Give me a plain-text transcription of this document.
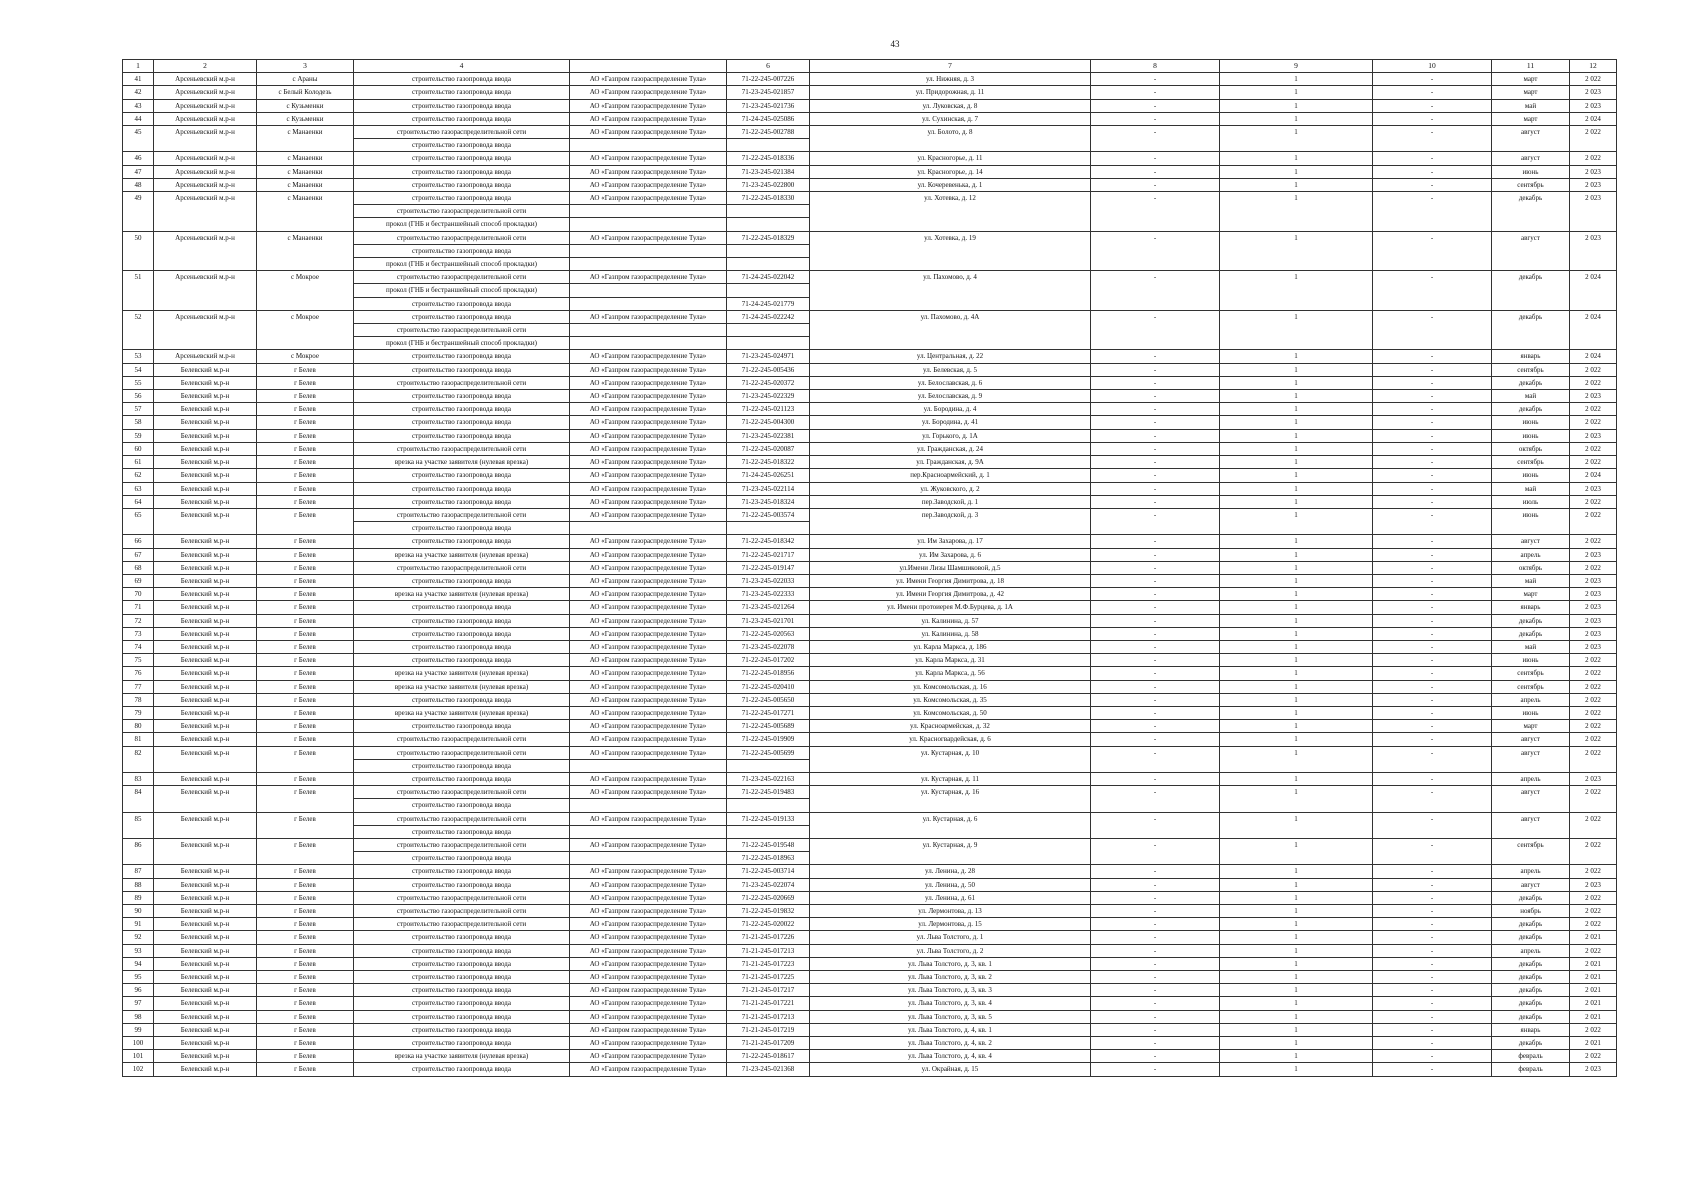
43
1	2	3	4		6	7	8	9	10	11	12
41	Арсеньевский м.р-н	с Араны	строительство газопровода ввода	АО «Газпром газораспределение Тула»	71-22-245-007226	ул. Нижняя, д. 3	-	1	-	март	2 022
42	Арсеньевский м.р-н	с Белый Колодезь	строительство газопровода ввода	АО «Газпром газораспределение Тула»	71-23-245-021857	ул. Придорожная, д. 11	-	1	-	март	2 023
43	Арсеньевский м.р-н	с Кузьменки	строительство газопровода ввода	АО «Газпром газораспределение Тула»	71-23-245-021736	ул. Луковская, д. 8	-	1	-	май	2 023
44	Арсеньевский м.р-н	с Кузьменки	строительство газопровода ввода	АО «Газпром газораспределение Тула»	71-24-245-025086	ул. Сухинская, д. 7	-	1	-	март	2 024
45	Арсеньевский м.р-н	с Манаенки	строительство газораспределительной сети	АО «Газпром газораспределение Тула»	71-22-245-002788	ул. Болото, д. 8	-	1	-	август	2 022
			строительство газопровода ввода								
46	Арсеньевский м.р-н	с Манаенки	строительство газопровода ввода	АО «Газпром газораспределение Тула»	71-22-245-018336	ул. Красногорье, д. 11	-	1	-	август	2 022
47	Арсеньевский м.р-н	с Манаенки	строительство газопровода ввода	АО «Газпром газораспределение Тула»	71-23-245-021384	ул. Красногорье, д. 14	-	1	-	июнь	2 023
48	Арсеньевский м.р-н	с Манаенки	строительство газопровода ввода	АО «Газпром газораспределение Тула»	71-23-245-022800	ул. Кочеревенька, д. 1	-	1	-	сентябрь	2 023
49	Арсеньевский м.р-н	с Манаенки	строительство газопровода ввода	АО «Газпром газораспределение Тула»	71-22-245-018330	ул. Хотевка, д. 12	-	1	-	декабрь	2 023
			строительство газораспределительной сети								
			прокол (ГНБ и бестраншейный способ прокладки)								
50	Арсеньевский м.р-н	с Манаенки	строительство газораспределительной сети	АО «Газпром газораспределение Тула»	71-22-245-018329	ул. Хотевка, д. 19	-	1	-	август	2 023
			строительство газопровода ввода								
			прокол (ГНБ и бестраншейный способ прокладки)								
51	Арсеньевский м.р-н	с Мокрое	строительство газораспределительной сети	АО «Газпром газораспределение Тула»	71-24-245-022042	ул. Пахомово, д. 4	-	1	-	декабрь	2 024
			прокол (ГНБ и бестраншейный способ прокладки)								
			строительство газопровода ввода		71-24-245-021779						
52	Арсеньевский м.р-н	с Мокрое	строительство газопровода ввода	АО «Газпром газораспределение Тула»	71-24-245-022242	ул. Пахомово, д. 4А	-	1	-	декабрь	2 024
			строительство газораспределительной сети								
			прокол (ГНБ и бестраншейный способ прокладки)								
53	Арсеньевский м.р-н	с Мокрое	строительство газопровода ввода	АО «Газпром газораспределение Тула»	71-23-245-024971	ул. Центральная, д. 22	-	1	-	январь	2 024
54	Белевский м.р-н	г Белев	строительство газопровода ввода	АО «Газпром газораспределение Тула»	71-22-245-005436	ул. Белевская, д. 5	-	1	-	сентябрь	2 022
55	Белевский м.р-н	г Белев	строительство газораспределительной сети	АО «Газпром газораспределение Тула»	71-22-245-020372	ул. Белославская, д. 6	-	1	-	декабрь	2 022
56	Белевский м.р-н	г Белев	строительство газопровода ввода	АО «Газпром газораспределение Тула»	71-23-245-022329	ул. Белославская, д. 9	-	1	-	май	2 023
57	Белевский м.р-н	г Белев	строительство газопровода ввода	АО «Газпром газораспределение Тула»	71-22-245-021123	ул. Бородина, д. 4	-	1	-	декабрь	2 022
58	Белевский м.р-н	г Белев	строительство газопровода ввода	АО «Газпром газораспределение Тула»	71-22-245-004300	ул. Бородина, д. 41	-	1	-	июнь	2 022
59	Белевский м.р-н	г Белев	строительство газопровода ввода	АО «Газпром газораспределение Тула»	71-23-245-022381	ул. Горького, д. 1А	-	1	-	июнь	2 023
60	Белевский м.р-н	г Белев	строительство газораспределительной сети	АО «Газпром газораспределение Тула»	71-22-245-020087	ул. Гражданская, д. 24	-	1	-	октябрь	2 022
61	Белевский м.р-н	г Белев	врезка на участке заявителя (нулевая врезка)	АО «Газпром газораспределение Тула»	71-22-245-018322	ул. Гражданская, д. 9А	-	1	-	сентябрь	2 022
62	Белевский м.р-н	г Белев	строительство газопровода ввода	АО «Газпром газораспределение Тула»	71-24-245-026251	пер.Красноармейский, д. 1	-	1	-	июнь	2 024
63	Белевский м.р-н	г Белев	строительство газопровода ввода	АО «Газпром газораспределение Тула»	71-23-245-022114	ул. Жуковского, д. 2	-	1	-	май	2 023
64	Белевский м.р-н	г Белев	строительство газопровода ввода	АО «Газпром газораспределение Тула»	71-23-245-018324	пер.Заводской, д. 1	-	1	-	июль	2 022
65	Белевский м.р-н	г Белев	строительство газораспределительной сети	АО «Газпром газораспределение Тула»	71-22-245-003574	пер.Заводской, д. 3	-	1	-	июнь	2 022
			строительство газопровода ввода								
66	Белевский м.р-н	г Белев	строительство газопровода ввода	АО «Газпром газораспределение Тула»	71-22-245-018342	ул. Им Захарова, д. 17	-	1	-	август	2 022
67	Белевский м.р-н	г Белев	врезка на участке заявителя (нулевая врезка)	АО «Газпром газораспределение Тула»	71-22-245-021717	ул. Им Захарова, д. 6	-	1	-	апрель	2 023
68	Белевский м.р-н	г Белев	строительство газораспределительной сети	АО «Газпром газораспределение Тула»	71-22-245-019147	ул.Имени Лизы Шамшиковой, д.5	-	1	-	октябрь	2 022
69	Белевский м.р-н	г Белев	строительство газопровода ввода	АО «Газпром газораспределение Тула»	71-23-245-022033	ул. Имени Георгия Димитрова, д. 18	-	1	-	май	2 023
70	Белевский м.р-н	г Белев	врезка на участке заявителя (нулевая врезка)	АО «Газпром газораспределение Тула»	71-23-245-022333	ул. Имени Георгия Димитрова, д. 42	-	1	-	март	2 023
71	Белевский м.р-н	г Белев	строительство газопровода ввода	АО «Газпром газораспределение Тула»	71-23-245-021264	ул. Имени протоиерея М.Ф.Бурцева, д. 1А	-	1	-	январь	2 023
72	Белевский м.р-н	г Белев	строительство газопровода ввода	АО «Газпром газораспределение Тула»	71-23-245-021701	ул. Калинина, д. 57	-	1	-	декабрь	2 023
73	Белевский м.р-н	г Белев	строительство газопровода ввода	АО «Газпром газораспределение Тула»	71-22-245-020563	ул. Калинина, д. 58	-	1	-	декабрь	2 023
74	Белевский м.р-н	г Белев	строительство газопровода ввода	АО «Газпром газораспределение Тула»	71-23-245-022078	ул. Карла Маркса, д. 186	-	1	-	май	2 023
75	Белевский м.р-н	г Белев	строительство газопровода ввода	АО «Газпром газораспределение Тула»	71-22-245-017202	ул. Карла Маркса, д. 31	-	1	-	июнь	2 022
76	Белевский м.р-н	г Белев	врезка на участке заявителя (нулевая врезка)	АО «Газпром газораспределение Тула»	71-22-245-018956	ул. Карла Маркса, д. 56	-	1	-	сентябрь	2 022
77	Белевский м.р-н	г Белев	врезка на участке заявителя (нулевая врезка)	АО «Газпром газораспределение Тула»	71-22-245-020410	ул. Комсомольская, д. 16	-	1	-	сентябрь	2 022
78	Белевский м.р-н	г Белев	строительство газопровода ввода	АО «Газпром газораспределение Тула»	71-22-245-005650	ул. Комсомольская, д. 35	-	1	-	апрель	2 022
79	Белевский м.р-н	г Белев	врезка на участке заявителя (нулевая врезка)	АО «Газпром газораспределение Тула»	71-22-245-017271	ул. Комсомольская, д. 50	-	1	-	июнь	2 022
80	Белевский м.р-н	г Белев	строительство газопровода ввода	АО «Газпром газораспределение Тула»	71-22-245-005689	ул. Красноармейская, д. 32	-	1	-	март	2 022
81	Белевский м.р-н	г Белев	строительство газораспределительной сети	АО «Газпром газораспределение Тула»	71-22-245-019909	ул. Красногвардейская, д. 6	-	1	-	август	2 022
82	Белевский м.р-н	г Белев	строительство газораспределительной сети	АО «Газпром газораспределение Тула»	71-22-245-005699	ул. Кустарная, д. 10	-	1	-	август	2 022
			строительство газопровода ввода								
83	Белевский м.р-н	г Белев	строительство газопровода ввода	АО «Газпром газораспределение Тула»	71-23-245-022163	ул. Кустарная, д. 11	-	1	-	апрель	2 023
84	Белевский м.р-н	г Белев	строительство газораспределительной сети	АО «Газпром газораспределение Тула»	71-22-245-019483	ул. Кустарная, д. 16	-	1	-	август	2 022
			строительство газопровода ввода								
85	Белевский м.р-н	г Белев	строительство газораспределительной сети	АО «Газпром газораспределение Тула»	71-22-245-019133	ул. Кустарная, д. 6	-	1	-	август	2 022
			строительство газопровода ввода								
86	Белевский м.р-н	г Белев	строительство газораспределительной сети	АО «Газпром газораспределение Тула»	71-22-245-019548	ул. Кустарная, д. 9	-	1	-	сентябрь	2 022
			строительство газопровода ввода		71-22-245-018963						
87	Белевский м.р-н	г Белев	строительство газопровода ввода	АО «Газпром газораспределение Тула»	71-22-245-003714	ул. Ленина, д. 28	-	1	-	апрель	2 022
88	Белевский м.р-н	г Белев	строительство газопровода ввода	АО «Газпром газораспределение Тула»	71-23-245-022074	ул. Ленина, д. 50	-	1	-	август	2 023
89	Белевский м.р-н	г Белев	строительство газораспределительной сети	АО «Газпром газораспределение Тула»	71-22-245-020669	ул. Ленина, д. 61	-	1	-	декабрь	2 022
90	Белевский м.р-н	г Белев	строительство газораспределительной сети	АО «Газпром газораспределение Тула»	71-22-245-019832	ул. Лермонтова, д. 13	-	1	-	ноябрь	2 022
91	Белевский м.р-н	г Белев	строительство газораспределительной сети	АО «Газпром газораспределение Тула»	71-22-245-020022	ул. Лермонтова, д. 15	-	1	-	декабрь	2 022
92	Белевский м.р-н	г Белев	строительство газопровода ввода	АО «Газпром газораспределение Тула»	71-21-245-017226	ул. Льва Толстого, д. 1	-	1	-	декабрь	2 021
93	Белевский м.р-н	г Белев	строительство газопровода ввода	АО «Газпром газораспределение Тула»	71-21-245-017213	ул. Льва Толстого, д. 2	-	1	-	апрель	2 022
94	Белевский м.р-н	г Белев	строительство газопровода ввода	АО «Газпром газораспределение Тула»	71-21-245-017223	ул. Льва Толстого, д. 3, кв. 1	-	1	-	декабрь	2 021
95	Белевский м.р-н	г Белев	строительство газопровода ввода	АО «Газпром газораспределение Тула»	71-21-245-017225	ул. Льва Толстого, д. 3, кв. 2	-	1	-	декабрь	2 021
96	Белевский м.р-н	г Белев	строительство газопровода ввода	АО «Газпром газораспределение Тула»	71-21-245-017217	ул. Льва Толстого, д. 3, кв. 3	-	1	-	декабрь	2 021
97	Белевский м.р-н	г Белев	строительство газопровода ввода	АО «Газпром газораспределение Тула»	71-21-245-017221	ул. Льва Толстого, д. 3, кв. 4	-	1	-	декабрь	2 021
98	Белевский м.р-н	г Белев	строительство газопровода ввода	АО «Газпром газораспределение Тула»	71-21-245-017213	ул. Льва Толстого, д. 3, кв. 5	-	1	-	декабрь	2 021
99	Белевский м.р-н	г Белев	строительство газопровода ввода	АО «Газпром газораспределение Тула»	71-21-245-017219	ул. Льва Толстого, д. 4, кв. 1	-	1	-	январь	2 022
100	Белевский м.р-н	г Белев	строительство газопровода ввода	АО «Газпром газораспределение Тула»	71-21-245-017209	ул. Льва Толстого, д. 4, кв. 2	-	1	-	декабрь	2 021
101	Белевский м.р-н	г Белев	врезка на участке заявителя (нулевая врезка)	АО «Газпром газораспределение Тула»	71-22-245-018617	ул. Льва Толстого, д. 4, кв. 4	-	1	-	февраль	2 022
102	Белевский м.р-н	г Белев	строительство газопровода ввода	АО «Газпром газораспределение Тула»	71-23-245-021368	ул. Окрайная, д. 15	-	1	-	февраль	2 023
